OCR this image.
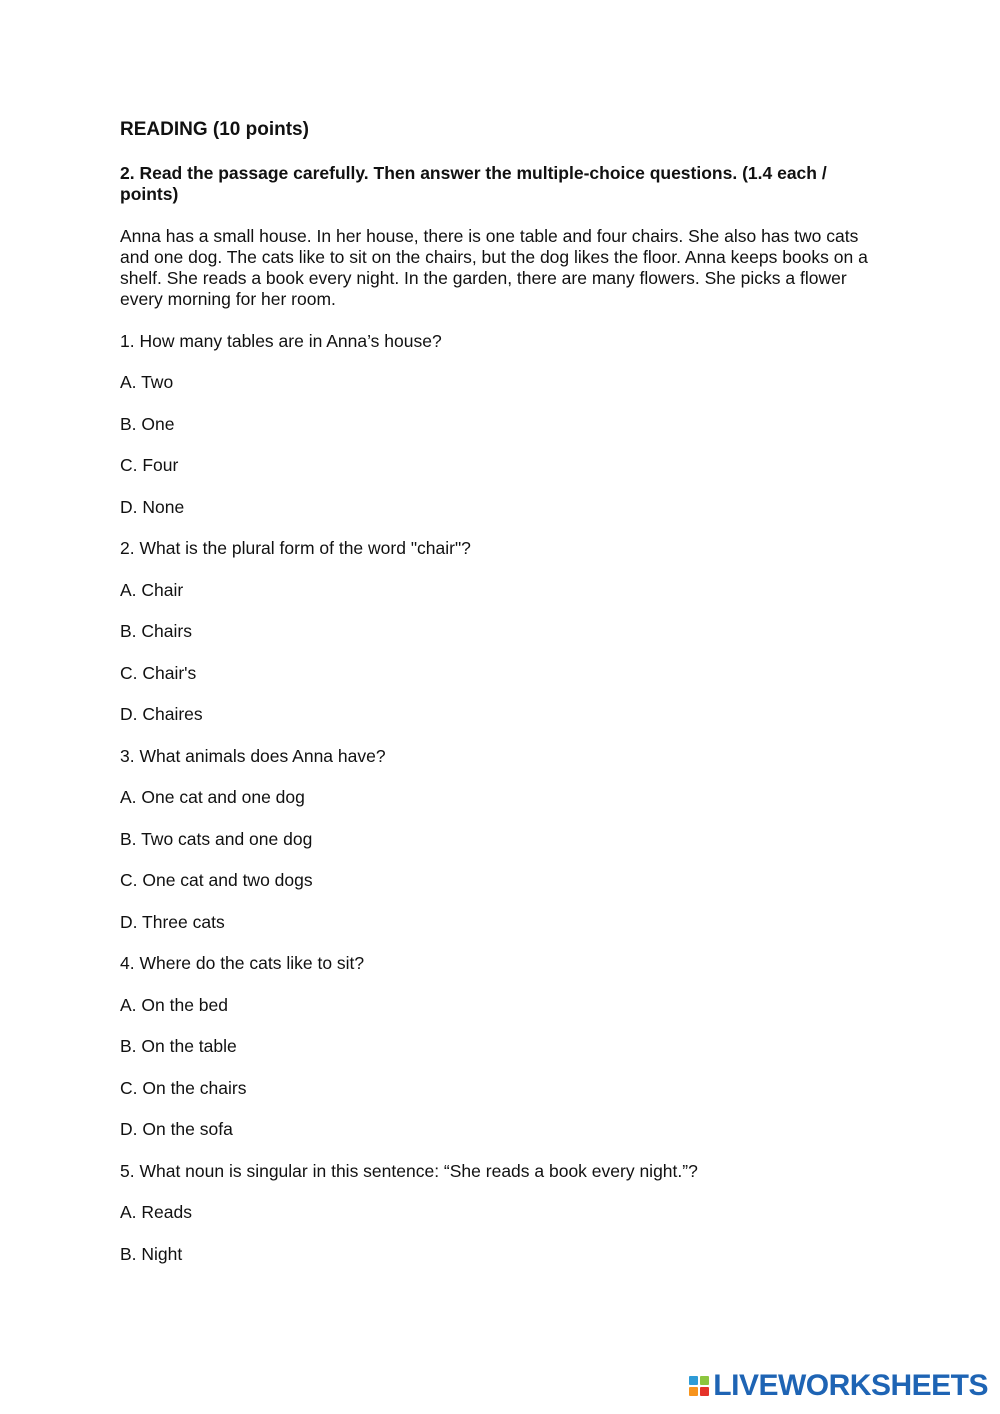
READING (10 points)

2. Read the passage carefully. Then answer the multiple-choice questions. (1.4 each / points)

Anna has a small house. In her house, there is one table and four chairs. She also has two cats and one dog. The cats like to sit on the chairs, but the dog likes the floor. Anna keeps books on a shelf. She reads a book every night. In the garden, there are many flowers. She picks a flower every morning for her room.

1. How many tables are in Anna’s house?

A. Two

B. One

C. Four

D. None

2. What is the plural form of the word "chair"?

A. Chair

B. Chairs

C. Chair's

D. Chaires

3. What animals does Anna have?

A. One cat and one dog

B. Two cats and one dog

C. One cat and two dogs

D. Three cats

4. Where do the cats like to sit?

A. On the bed

B. On the table

C. On the chairs

D. On the sofa

5. What noun is singular in this sentence: “She reads a book every night.”?

A. Reads

B. Night

LIVEWORKSHEETS
